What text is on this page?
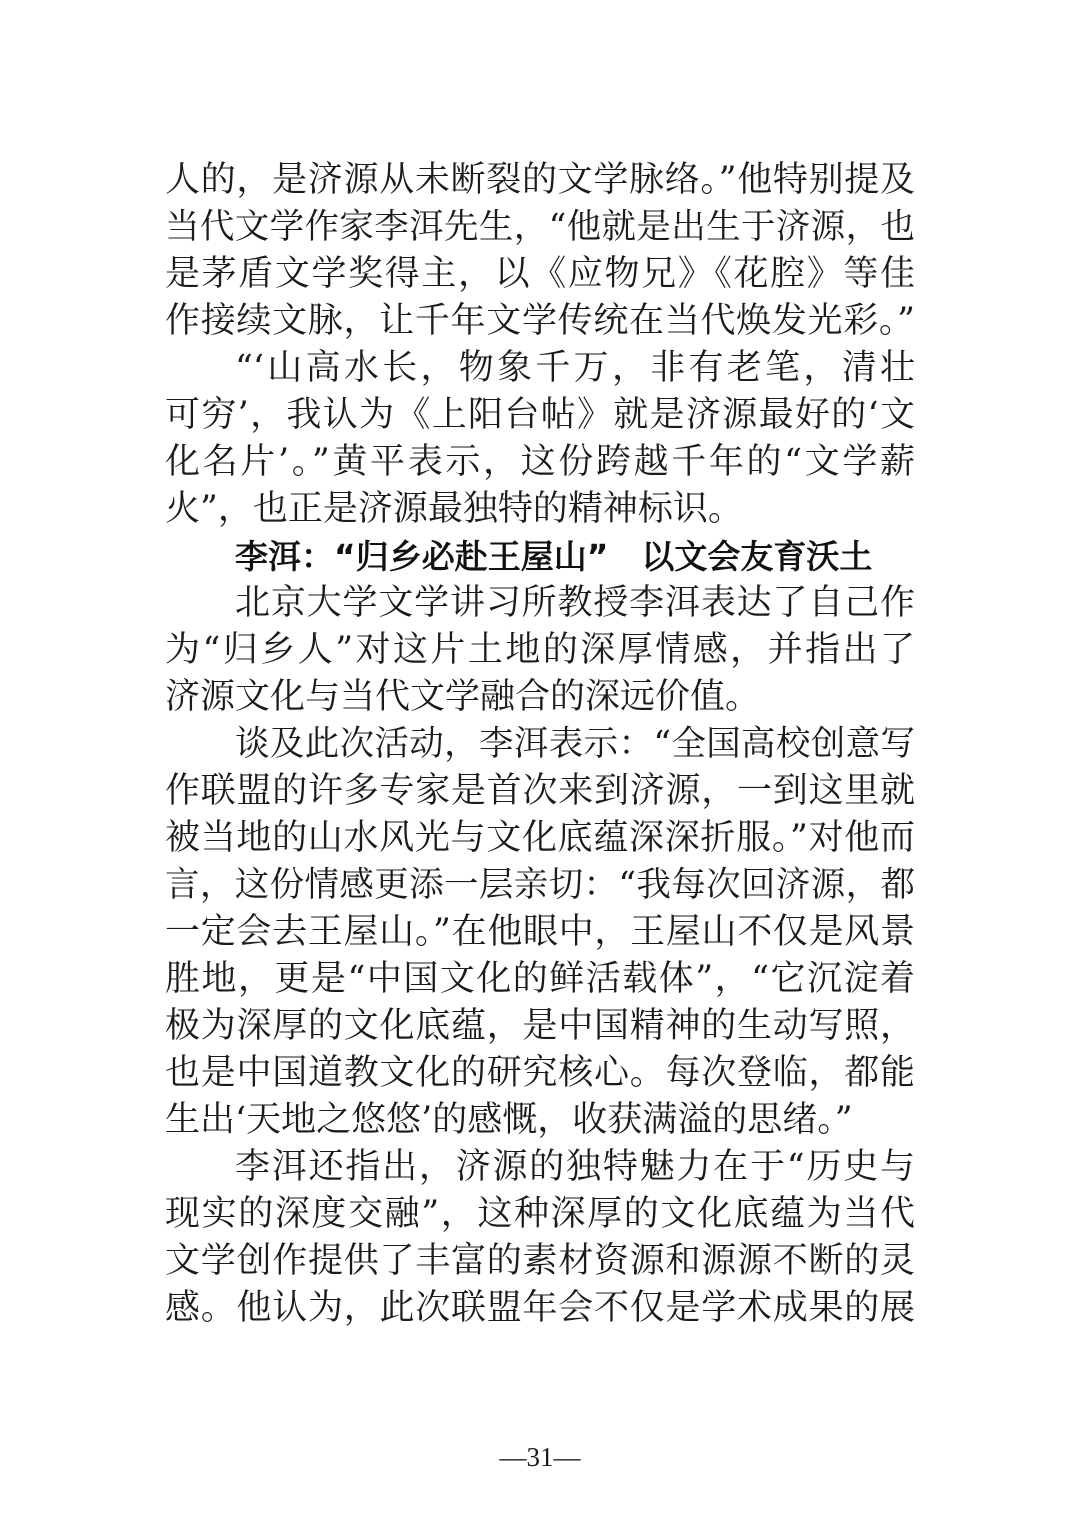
人的，是济源从未断裂的文学脉络。”他特别提及
当代文学作家李洱先生，“他就是出生于济源，也
是茅盾文学奖得主，以《应物兄》《花腔》等佳
作接续文脉，让千年文学传统在当代焕发光彩。”
“‘山高水长，物象千万，非有老笔，清壮
可穷’，我认为《上阳台帖》就是济源最好的‘文
化名片’。”黄平表示，这份跨越千年的“文学薪
火”，也正是济源最独特的精神标识。
李洱：“归乡必赴王屋山”　以文会友育沃土
北京大学文学讲习所教授李洱表达了自己作
为“归乡人”对这片土地的深厚情感，并指出了
济源文化与当代文学融合的深远价值。
谈及此次活动，李洱表示：“全国高校创意写
作联盟的许多专家是首次来到济源，一到这里就
被当地的山水风光与文化底蕴深深折服。”对他而
言，这份情感更添一层亲切：“我每次回济源，都
一定会去王屋山。”在他眼中，王屋山不仅是风景
胜地，更是“中国文化的鲜活载体”，“它沉淀着
极为深厚的文化底蕴，是中国精神的生动写照，
也是中国道教文化的研究核心。每次登临，都能
生出‘天地之悠悠’的感慨，收获满溢的思绪。”
李洱还指出，济源的独特魅力在于“历史与
现实的深度交融”，这种深厚的文化底蕴为当代
文学创作提供了丰富的素材资源和源源不断的灵
感。他认为，此次联盟年会不仅是学术成果的展
—31—
